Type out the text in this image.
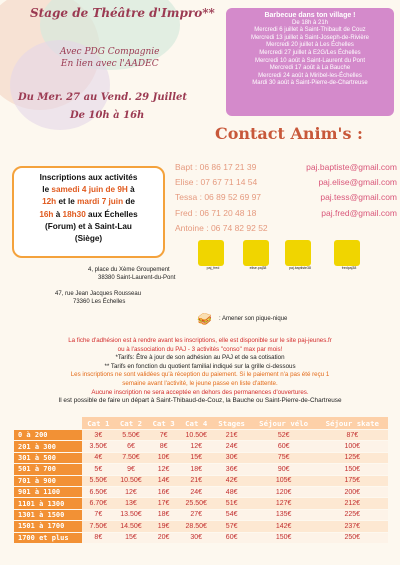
Stage de Théâtre d'Impro**
Avec PDG Compagnie
En lien avec l'AADEC
Du Mer. 27 au Vend. 29 Juillet
De 10h à 16h
Barbecue dans ton village !
De 18h à 21h
Mercredi 6 juillet à Saint-Thibault de Couz
Mercredi 13 juillet à Saint-Joseph-de-Rivière
Mercredi 20 juillet à Les Échelles
Mercredi 27 juillet à E2G/Les Échelles
Mercredi 10 août à Saint-Laurent du Pont
Mercredi 17 août à La Bauche
Mercredi 24 août à Miribel-les-Échelles
Mardi 30 août à Saint-Pierre-de-Chartreuse
Contact Anim's :
Bapt : 06 86 17 21 39	paj.baptiste@gmail.com
Elise : 07 67 71 14 54	paj.elise@gmail.com
Tessa : 06 89 52 69 97	paj.tess@gmail.com
Fred : 06 71 20 48 18	paj.fred@gmail.com
Antoine : 06 74 82 92 52
Inscriptions aux activités
le samedi 4 juin de 9H à
12h et le mardi 7 juin de
16h à 18h30 aux Échelles
(Forum) et à Saint-Lau
(Siège)
paj_fred	elise.paj38	paj.baptiste38	fredpaj38
4, place du Xème Groupement
38380 Saint-Laurent-du-Pont
47, rue Jean Jacques Rousseau
73360 Les Échelles
🥪 : Amener son pique-nique
La fiche d'adhésion est à rendre avant les inscriptions, elle est disponible sur le site paj-jeunes.fr
ou à l'association du PAJ - 3 activités "conso" max par mois!
*Tarifs: Être à jour de son adhésion au PAJ et de sa cotisation
** Tarifs en fonction du quotient familial indiqué sur la grille ci-dessous
Les inscriptions ne sont validées qu'à réception du paiement. Si le paiement n'a pas été reçu 1
semaine avant l'activité, le jeune passe en liste d'attente.
Aucune inscription ne sera acceptée en dehors des permanences d'ouvertures.
Il est possible de faire un départ à Saint-Thibaud-de-Couz, la Bauche ou Saint-Pierre-de-Chartreuse
	Cat 1	Cat 2	Cat 3	Cat 4	Stages	Séjour vélo	Séjour skate
0 à 200	3€	5.50€	7€	10.50€	21€	52€	87€
201 à 300	3.50€	6€	8€	12€	24€	60€	100€
301 à 500	4€	7.50€	10€	15€	30€	75€	125€
501 à 700	5€	9€	12€	18€	36€	90€	150€
701 à 900	5.50€	10.50€	14€	21€	42€	105€	175€
901 à 1100	6.50€	12€	16€	24€	48€	120€	200€
1101 à 1300	6.70€	13€	17€	25.50€	51€	127€	212€
1301 à 1500	7€	13.50€	18€	27€	54€	135€	225€
1501 à 1700	7.50€	14.50€	19€	28.50€	57€	142€	237€
1700 et plus	8€	15€	20€	30€	60€	150€	250€
